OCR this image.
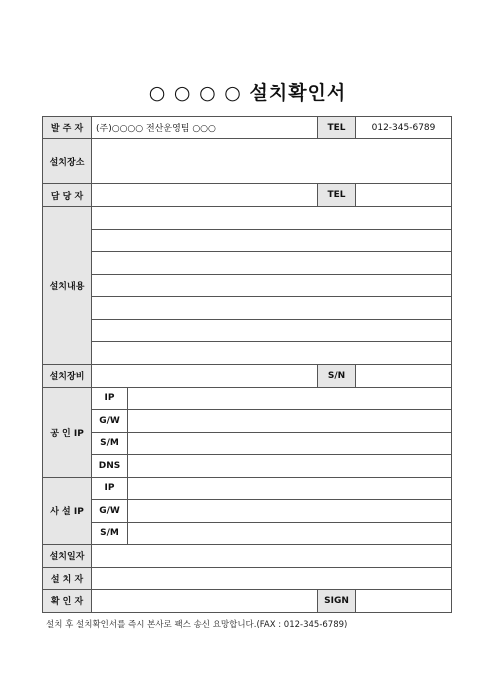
○ ○ ○ ○ 설치확인서
발 주 자	(주)○○○○ 전산운영팀 ○○○		TEL	012-345-6789
설치장소				
담 당 자			TEL	
설치내용				

설치장비			S/N	
공 인 IP	IP			
	G/W			
	S/M			
	DNS			
사 설 IP	IP			
	G/W			
	S/M			
설치일자				
설 치 자				
확 인 자			SIGN	
설치 후 설치확인서를 즉시 본사로 팩스 송신 요망합니다.(FAX : 012-345-6789)
